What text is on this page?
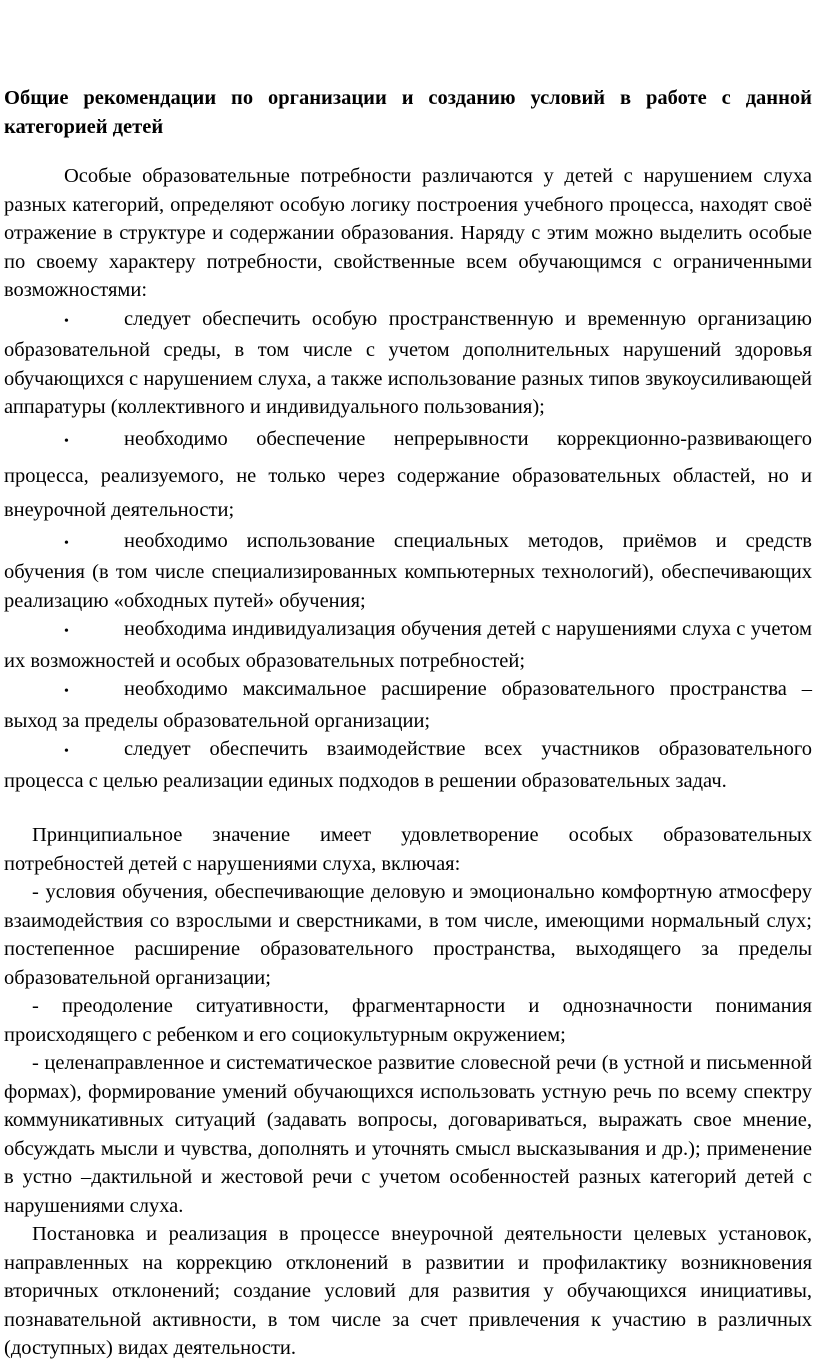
Общие рекомендации по организации и созданию условий в работе с данной категорией детей

Особые образовательные потребности различаются у детей с нарушением слуха разных категорий, определяют особую логику построения учебного процесса, находят своё отражение в структуре и содержании образования. Наряду с этим можно выделить особые по своему характеру потребности, свойственные всем обучающимся с ограниченными возможностями:

•	следует обеспечить особую пространственную и временную организацию образовательной среды, в том числе с учетом дополнительных нарушений здоровья обучающихся с нарушением слуха, а также использование разных типов звукоусиливающей аппаратуры (коллективного и индивидуального пользования);

•	необходимо обеспечение непрерывности коррекционно-развивающего процесса, реализуемого, не только через содержание образовательных областей, но и внеурочной деятельности;

•	необходимо использование специальных методов, приёмов и средств обучения (в том числе специализированных компьютерных технологий), обеспечивающих реализацию «обходных путей» обучения;

•	необходима индивидуализация обучения детей с нарушениями слуха с учетом их возможностей и особых образовательных потребностей;

•	необходимо максимальное расширение образовательного пространства – выход за пределы образовательной организации;

•	следует обеспечить взаимодействие всех участников образовательного процесса с целью реализации единых подходов в решении образовательных задач.

Принципиальное значение имеет удовлетворение особых образовательных потребностей детей с нарушениями слуха, включая:

- условия обучения, обеспечивающие деловую и эмоционально комфортную атмосферу взаимодействия со взрослыми и сверстниками, в том числе, имеющими нормальный слух; постепенное расширение образовательного пространства, выходящего за пределы образовательной организации;

- преодоление ситуативности, фрагментарности и однозначности понимания происходящего с ребенком и его социокультурным окружением;

- целенаправленное и систематическое развитие словесной речи (в устной и письменной формах), формирование умений обучающихся использовать устную речь по всему спектру коммуникативных ситуаций (задавать вопросы, договариваться, выражать свое мнение, обсуждать мысли и чувства, дополнять и уточнять смысл высказывания и др.); применение в устно –дактильной и жестовой речи с учетом особенностей разных категорий детей с нарушениями слуха.

Постановка и реализация в процессе внеурочной деятельности целевых установок, направленных на коррекцию отклонений в развитии и профилактику возникновения вторичных отклонений; создание условий для развития у обучающихся инициативы, познавательной активности, в том числе за счет привлечения к участию в различных (доступных) видах деятельности.
